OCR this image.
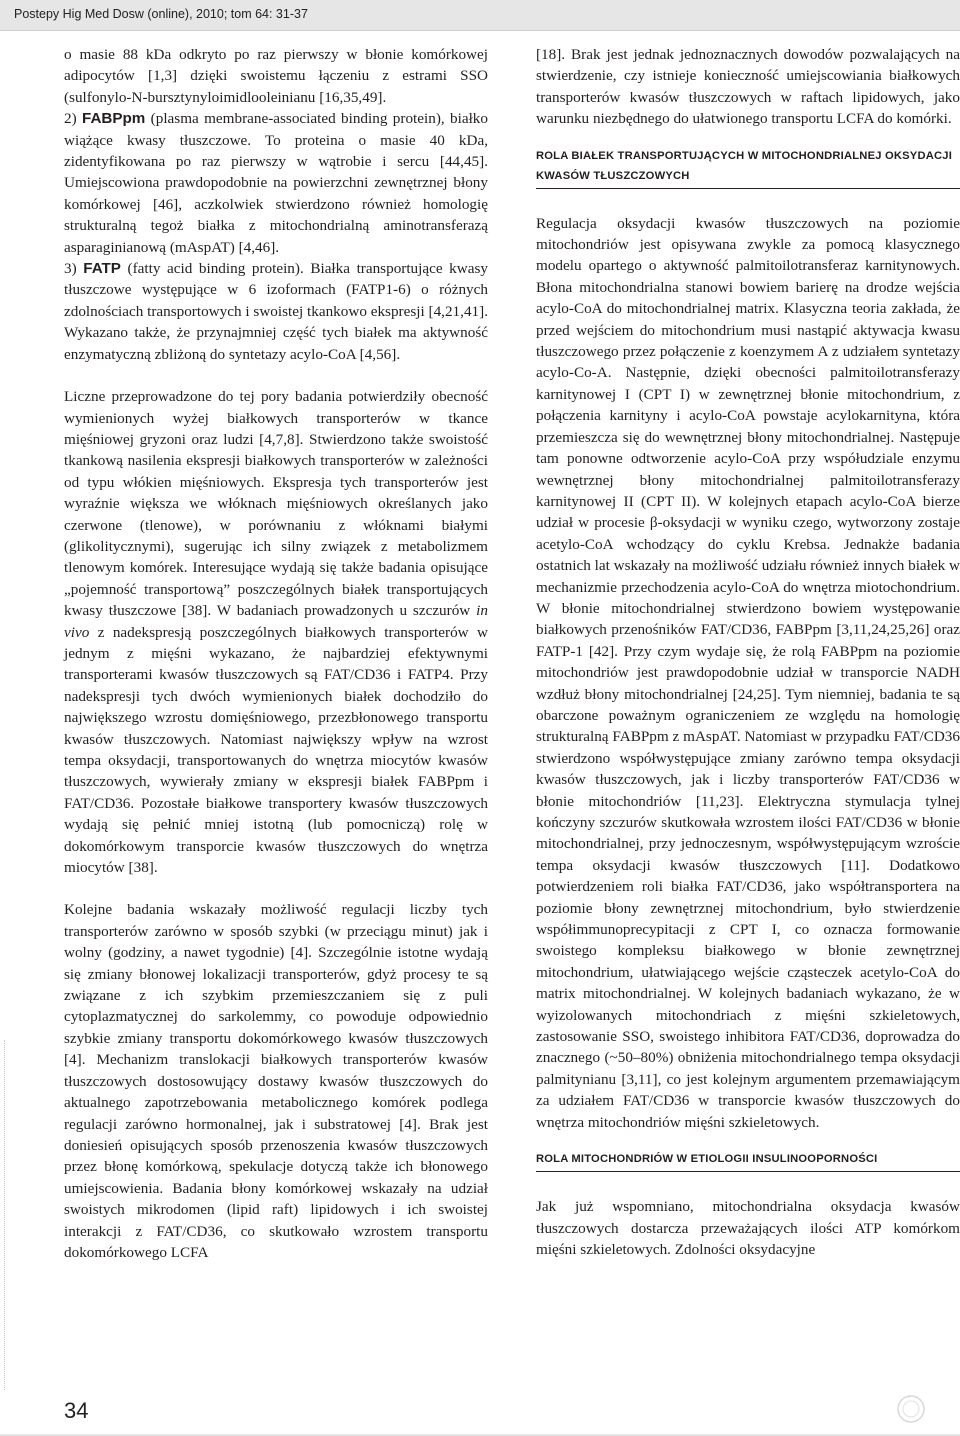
Postepy Hig Med Dosw (online), 2010; tom 64: 31-37

o masie 88 kDa odkryto po raz pierwszy w błonie komórkowej adipocytów [1,3] dzięki swoistemu łączeniu z estrami SSO (sulfonylo-N-bursztynyloimidlooleinianu [16,35,49].

2) FABPpm (plasma membrane-associated binding protein), białko wiążące kwasy tłuszczowe. To proteina o masie 40 kDa, zidentyfikowana po raz pierwszy w wątrobie i sercu [44,45]. Umiejscowiona prawdopodobnie na powierzchni zewnętrznej błony komórkowej [46], aczkolwiek stwierdzono również homologię strukturalną tegoż białka z mitochondrialną aminotransferazą asparaginianową (mAspAT) [4,46].

3) FATP (fatty acid binding protein). Białka transportujące kwasy tłuszczowe występujące w 6 izoformach (FATP1-6) o różnych zdolnościach transportowych i swoistej tkankowo ekspresji [4,21,41]. Wykazano także, że przynajmniej część tych białek ma aktywność enzymatyczną zbliżoną do syntetazy acylo-CoA [4,56].

Liczne przeprowadzone do tej pory badania potwierdziły obecność wymienionych wyżej białkowych transporterów w tkance mięśniowej gryzoni oraz ludzi [4,7,8]. Stwierdzono także swoistość tkankową nasilenia ekspresji białkowych transporterów w zależności od typu włókien mięśniowych. Ekspresja tych transporterów jest wyraźnie większa we włóknach mięśniowych określanych jako czerwone (tlenowe), w porównaniu z włóknami białymi (glikolitycznymi), sugerując ich silny związek z metabolizmem tlenowym komórek. Interesujące wydają się także badania opisujące „pojemność transportową” poszczególnych białek transportujących kwasy tłuszczowe [38]. W badaniach prowadzonych u szczurów in vivo z nadekspresją poszczególnych białkowych transporterów w jednym z mięśni wykazano, że najbardziej efektywnymi transporterami kwasów tłuszczowych są FAT/CD36 i FATP4. Przy nadekspresji tych dwóch wymienionych białek dochodziło do największego wzrostu domięśniowego, przezbłonowego transportu kwasów tłuszczowych. Natomiast największy wpływ na wzrost tempa oksydacji, transportowanych do wnętrza miocytów kwasów tłuszczowych, wywierały zmiany w ekspresji białek FABPpm i FAT/CD36. Pozostałe białkowe transportery kwasów tłuszczowych wydają się pełnić mniej istotną (lub pomocniczą) rolę w dokomórkowym transporcie kwasów tłuszczowych do wnętrza miocytów [38].

Kolejne badania wskazały możliwość regulacji liczby tych transporterów zarówno w sposób szybki (w przeciągu minut) jak i wolny (godziny, a nawet tygodnie) [4]. Szczególnie istotne wydają się zmiany błonowej lokalizacji transporterów, gdyż procesy te są związane z ich szybkim przemieszczaniem się z puli cytoplazmatycznej do sarkolemmy, co powoduje odpowiednio szybkie zmiany transportu dokomórkowego kwasów tłuszczowych [4]. Mechanizm translokacji białkowych transporterów kwasów tłuszczowych dostosowujący dostawy kwasów tłuszczowych do aktualnego zapotrzebowania metabolicznego komórek podlega regulacji zarówno hormonalnej, jak i substratowej [4]. Brak jest doniesień opisujących sposób przenoszenia kwasów tłuszczowych przez błonę komórkową, spekulacje dotyczą także ich błonowego umiejscowienia. Badania błony komórkowej wskazały na udział swoistych mikrodomen (lipid raft) lipidowych i ich swoistej interakcji z FAT/CD36, co skutkowało wzrostem transportu dokomórkowego LCFA

[18]. Brak jest jednak jednoznacznych dowodów pozwalających na stwierdzenie, czy istnieje konieczność umiejscowiania białkowych transporterów kwasów tłuszczowych w raftach lipidowych, jako warunku niezbędnego do ułatwionego transportu LCFA do komórki.

ROLA BIAŁEK TRANSPORTUJĄCYCH W MITOCHONDRIALNEJ OKSYDACJI KWASÓW TŁUSZCZOWYCH

Regulacja oksydacji kwasów tłuszczowych na poziomie mitochondriów jest opisywana zwykle za pomocą klasycznego modelu opartego o aktywność palmitoilotransferaz karnitynowych. Błona mitochondrialna stanowi bowiem barierę na drodze wejścia acylo-CoA do mitochondrialnej matrix. Klasyczna teoria zakłada, że przed wejściem do mitochondrium musi nastąpić aktywacja kwasu tłuszczowego przez połączenie z koenzymem A z udziałem syntetazy acylo-Co-A. Następnie, dzięki obecności palmitoilotransferazy karnitynowej I (CPT I) w zewnętrznej błonie mitochondrium, z połączenia karnityny i acylo-CoA powstaje acylokarnityna, która przemieszcza się do wewnętrznej błony mitochondrialnej. Następuje tam ponowne odtworzenie acylo-CoA przy współudziale enzymu wewnętrznej błony mitochondrialnej palmitoilotransferazy karnitynowej II (CPT II). W kolejnych etapach acylo-CoA bierze udział w procesie β-oksydacji w wyniku czego, wytworzony zostaje acetylo-CoA wchodzący do cyklu Krebsa. Jednakże badania ostatnich lat wskazały na możliwość udziału również innych białek w mechanizmie przechodzenia acylo-CoA do wnętrza miotochondrium. W błonie mitochondrialnej stwierdzono bowiem występowanie białkowych przenośników FAT/CD36, FABPpm [3,11,24,25,26] oraz FATP-1 [42]. Przy czym wydaje się, że rolą FABPpm na poziomie mitochondriów jest prawdopodobnie udział w transporcie NADH wzdłuż błony mitochondrialnej [24,25]. Tym niemniej, badania te są obarczone poważnym ograniczeniem ze względu na homologię strukturalną FABPpm z mAspAT. Natomiast w przypadku FAT/CD36 stwierdzono współwystępujące zmiany zarówno tempa oksydacji kwasów tłuszczowych, jak i liczby transporterów FAT/CD36 w błonie mitochondriów [11,23]. Elektryczna stymulacja tylnej kończyny szczurów skutkowała wzrostem ilości FAT/CD36 w błonie mitochondrialnej, przy jednoczesnym, współwystępującym wzroście tempa oksydacji kwasów tłuszczowych [11]. Dodatkowo potwierdzeniem roli białka FAT/CD36, jako współtransportera na poziomie błony zewnętrznej mitochondrium, było stwierdzenie współimmunoprecypitacji z CPT I, co oznacza formowanie swoistego kompleksu białkowego w błonie zewnętrznej mitochondrium, ułatwiającego wejście cząsteczek acetylo-CoA do matrix mitochondrialnej. W kolejnych badaniach wykazano, że w wyizolowanych mitochondriach z mięśni szkieletowych, zastosowanie SSO, swoistego inhibitora FAT/CD36, doprowadza do znacznego (~50–80%) obniżenia mitochondrialnego tempa oksydacji palmitynianu [3,11], co jest kolejnym argumentem przemawiającym za udziałem FAT/CD36 w transporcie kwasów tłuszczowych do wnętrza mitochondriów mięśni szkieletowych.

ROLA MITOCHONDRIÓW W ETIOLOGII INSULINOOPORNOŚCI

Jak już wspomniano, mitochondrialna oksydacja kwasów tłuszczowych dostarcza przeważających ilości ATP komórkom mięśni szkieletowych. Zdolności oksydacyjne

34
